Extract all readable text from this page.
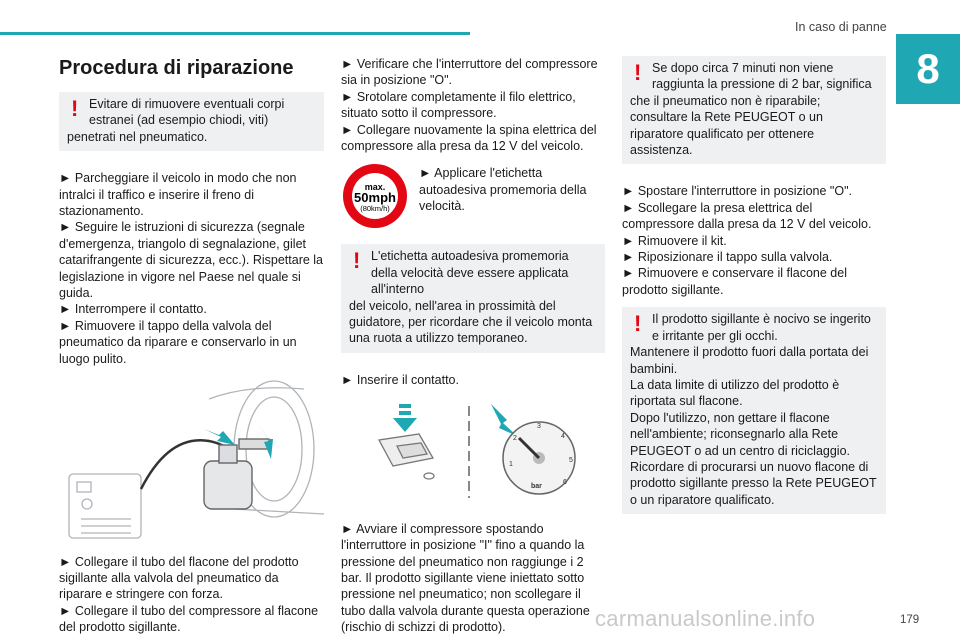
In caso di panne
8
Procedura di riparazione
! Evitare di rimuovere eventuali corpi estranei (ad esempio chiodi, viti)

penetrati nel pneumatico.

► Parcheggiare il veicolo in modo che non intralci il traffico e inserire il freno di stazionamento.

► Seguire le istruzioni di sicurezza (segnale d'emergenza, triangolo di segnalazione, gilet catarifrangente di sicurezza, ecc.). Rispettare la legislazione in vigore nel Paese nel quale si guida.

► Interrompere il contatto.

► Rimuovere il tappo della valvola del pneumatico da riparare e conservarlo in un luogo pulito.

► Collegare il tubo del flacone del prodotto sigillante alla valvola del pneumatico da riparare e stringere con forza.

► Collegare il tubo del compressore al flacone del prodotto sigillante.

► Verificare che l'interruttore del compressore sia in posizione "O".

► Srotolare completamente il filo elettrico, situato sotto il compressore.

► Collegare nuovamente la spina elettrica del compressore alla presa da 12 V del veicolo.

max.
50mph
(80km/h)

► Applicare l'etichetta autoadesiva promemoria della velocità.

! L'etichetta autoadesiva promemoria della velocità deve essere applicata all'interno

del veicolo, nell'area in prossimità del guidatore, per ricordare che il veicolo monta una ruota a utilizzo temporaneo.

► Inserire il contatto.

1
2
3
4
5
6
bar

► Avviare il compressore spostando l'interruttore in posizione "I" fino a quando la pressione del pneumatico non raggiunge i 2 bar. Il prodotto sigillante viene iniettato sotto pressione nel pneumatico; non scollegare il tubo dalla valvola durante questa operazione (rischio di schizzi di prodotto).

! Se dopo circa 7 minuti non viene raggiunta la pressione di 2 bar, significa

che il pneumatico non è riparabile; consultare la Rete PEUGEOT o un riparatore qualificato per ottenere assistenza.

► Spostare l'interruttore in posizione "O".

► Scollegare la presa elettrica del compressore dalla presa da 12 V del veicolo.

► Rimuovere il kit.

► Riposizionare il tappo sulla valvola.

► Rimuovere e conservare il flacone del prodotto sigillante.

! Il prodotto sigillante è nocivo se ingerito e irritante per gli occhi.

Mantenere il prodotto fuori dalla portata dei bambini.

La data limite di utilizzo del prodotto è riportata sul flacone.

Dopo l'utilizzo, non gettare il flacone nell'ambiente; riconsegnarlo alla Rete PEUGEOT o ad un centro di riciclaggio.

Ricordare di procurarsi un nuovo flacone di prodotto sigillante presso la Rete PEUGEOT o un riparatore qualificato.

179
carmanualsonline.info
